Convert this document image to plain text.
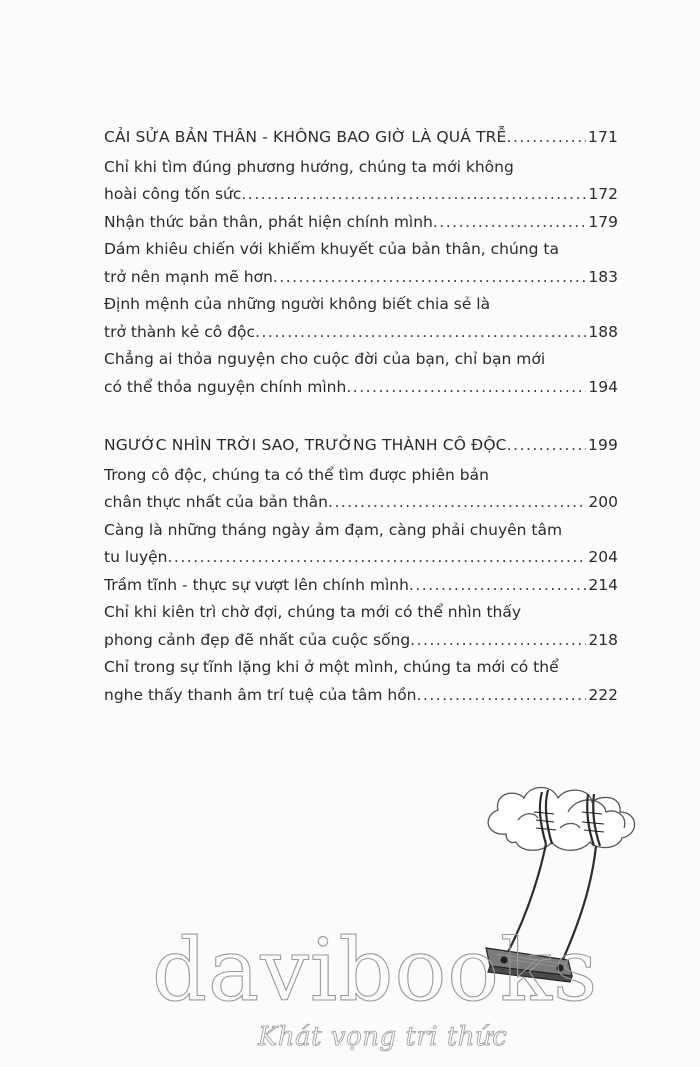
CẢI SỬA BẢN THÂN - KHÔNG BAO GIỜ LÀ QUÁ TRỄ .....	171
Chỉ khi tìm đúng phương hướng, chúng ta mới không
hoài công tốn sức .....	172
Nhận thức bản thân, phát hiện chính mình .....	179
Dám khiêu chiến với khiếm khuyết của bản thân, chúng ta
trở nên mạnh mẽ hơn .....	183
Định mệnh của những người không biết chia sẻ là
trở thành kẻ cô độc .....	188
Chẳng ai thỏa nguyện cho cuộc đời của bạn, chỉ bạn mới
có thể thỏa nguyện chính mình .....	194
NGƯỚC NHÌN TRỜI SAO, TRƯỞNG THÀNH CÔ ĐỘC .....	199
Trong cô độc, chúng ta có thể tìm được phiên bản
chân thực nhất của bản thân .....	200
Càng là những tháng ngày ảm đạm, càng phải chuyên tâm
tu luyện .....	204
Trầm tĩnh - thực sự vượt lên chính mình .....	214
Chỉ khi kiên trì chờ đợi, chúng ta mới có thể nhìn thấy
phong cảnh đẹp đẽ nhất của cuộc sống .....	218
Chỉ trong sự tĩnh lặng khi ở một mình, chúng ta mới có thể
nghe thấy thanh âm trí tuệ của tâm hồn .....	222
davibooks
Khát vọng tri thức
